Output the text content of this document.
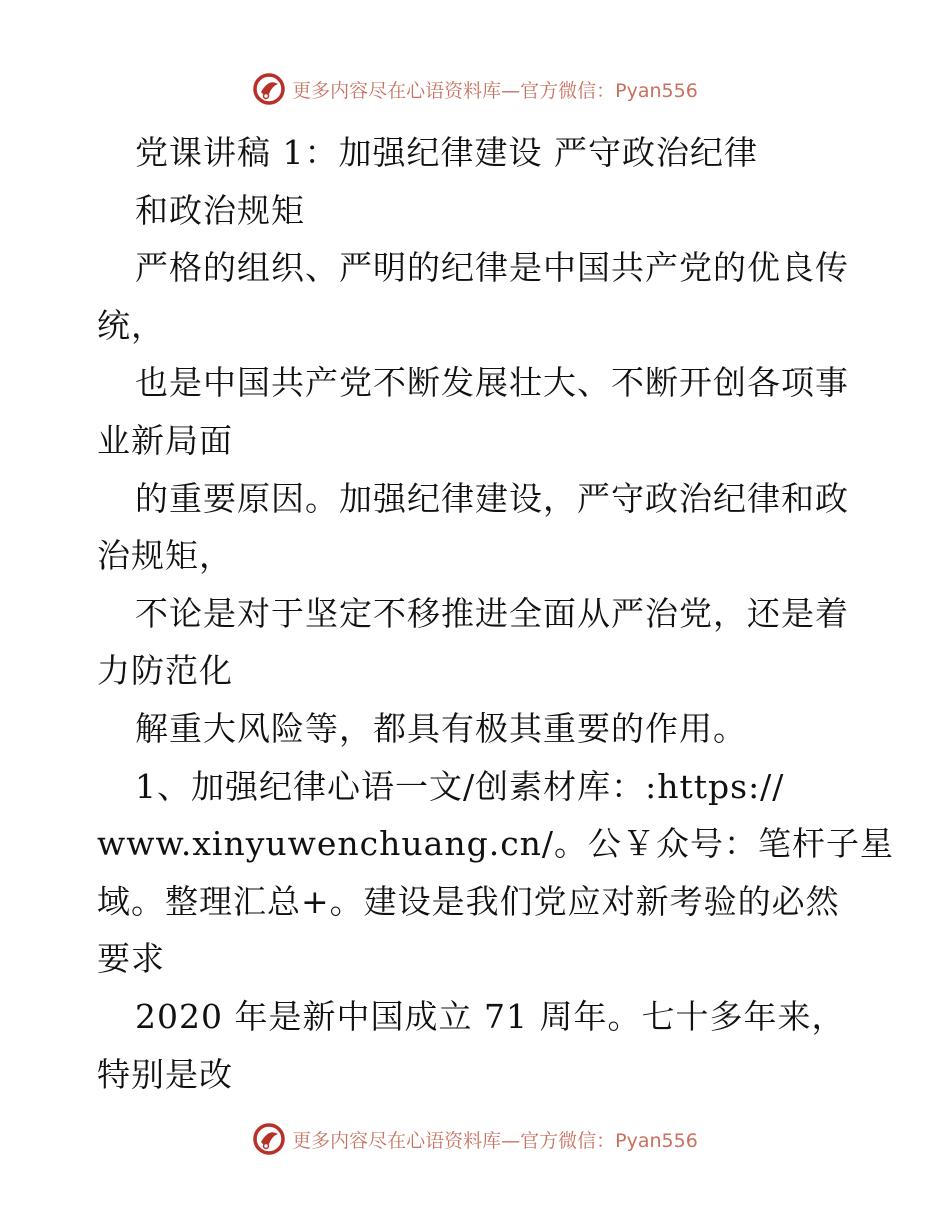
更多内容尽在心语资料库—官方微信：Pyan556
党课讲稿 1：加强纪律建设 严守政治纪律
和政治规矩
严格的组织、严明的纪律是中国共产党的优良传
统，
也是中国共产党不断发展壮大、不断开创各项事
业新局面
的重要原因。加强纪律建设，严守政治纪律和政
治规矩，
不论是对于坚定不移推进全面从严治党，还是着
力防范化
解重大风险等，都具有极其重要的作用。
1、加强纪律心语一文/创素材库：:https://
www.xinyuwenchuang.cn/。公￥众号：笔杆子星
域。整理汇总+。建设是我们党应对新考验的必然
要求
2020 年是新中国成立 71 周年。七十多年来，
特别是改
更多内容尽在心语资料库—官方微信：Pyan556
